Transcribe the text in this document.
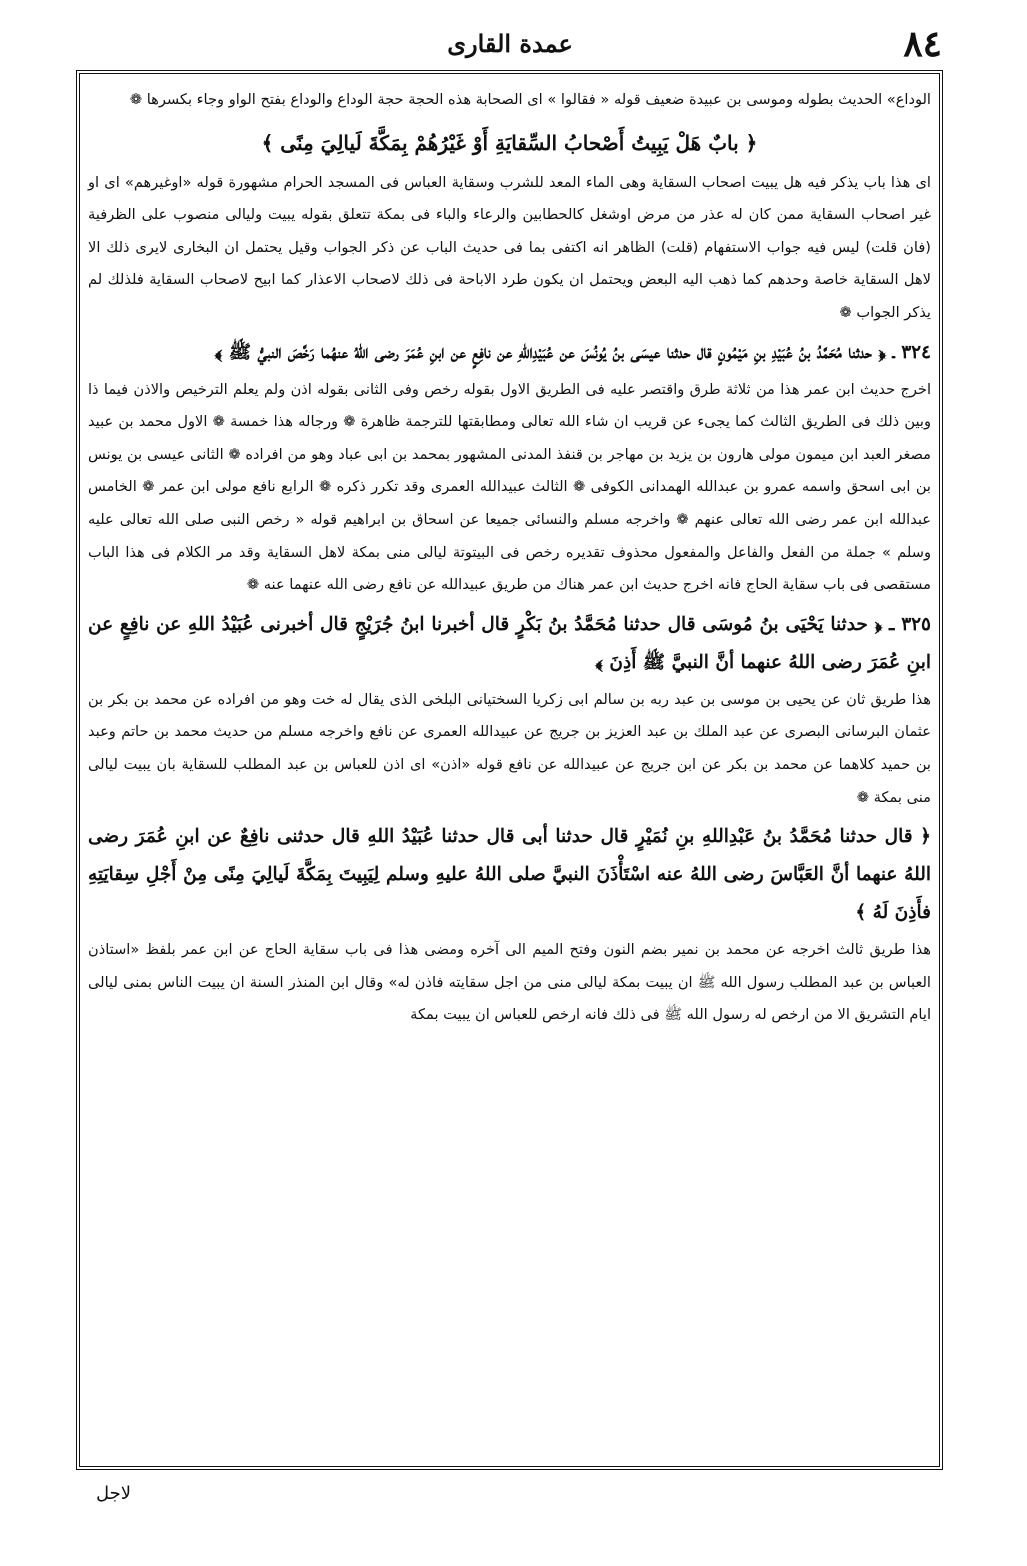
٨٤
عمدة القاری

الوداع» الحديث بطوله وموسى بن عبيدة ضعيف قوله « فقالوا » اى الصحابة هذه الحجة حجة الوداع والوداع بفتح الواو وجاء بكسرها ❁

﴿ بابٌ هَلْ يَبِيتُ أَصْحابُ السِّقايَةِ أَوْ غَيْرُهُمْ بِمَكَّةَ لَيالِيَ مِنًى ﴾

اى هذا باب يذكر فيه هل يبيت اصحاب السقاية وهى الماء المعد للشرب وسقاية العباس فى المسجد الحرام مشهورة قوله «اوغيرهم» اى او غير اصحاب السقاية ممن كان له عذر من مرض اوشغل كالحطابين والرعاء والباء فى بمكة تتعلق بقوله يبيت وليالى منصوب على الظرفية (فان قلت) ليس فيه جواب الاستفهام (قلت) الظاهر انه اكتفى بما فى حديث الباب عن ذكر الجواب وقيل يحتمل ان البخارى لايرى ذلك الا لاهل السقاية خاصة وحدهم كما ذهب اليه البعض ويحتمل ان يكون طرد الاباحة فى ذلك لاصحاب الاعذار كما ابيح لاصحاب السقاية فلذلك لم يذكر الجواب ❁

٣٢٤ ـ ﴿ حدثنا مُحَمَّدُ بنُ عُبَيْدِ بنِ مَيْمُونٍ قال حدثنا عيسَى بنُ يُونُسَ عن عُبَيْدِاللهِ عن نافِعٍ عن ابنِ عُمَرَ رضى اللهُ عنهُما رَخَّصَ النبيُّ ﷺ ﴾

اخرج حديث ابن عمر هذا من ثلاثة طرق واقتصر عليه فى الطريق الاول بقوله رخص وفى الثانى بقوله اذن ولم يعلم الترخيص والاذن فيما ذا وبين ذلك فى الطريق الثالث كما يجىء عن قريب ان شاء الله تعالى ومطابقتها للترجمة ظاهرة ❁ ورجاله هذا خمسة ❁ الاول محمد بن عبيد مصغر العبد ابن ميمون مولى هارون بن يزيد بن مهاجر بن قنفذ المدنى المشهور بمحمد بن ابى عباد وهو من افراده ❁ الثانى عيسى بن يونس بن ابى اسحق واسمه عمرو بن عبدالله الهمدانى الكوفى ❁ الثالث عبيدالله العمرى وقد تكرر ذكره ❁ الرابع نافع مولى ابن عمر ❁ الخامس عبدالله ابن عمر رضى الله تعالى عنهم ❁ واخرجه مسلم والنسائى جميعا عن اسحاق بن ابراهيم قوله « رخص النبى صلى الله تعالى عليه وسلم » جملة من الفعل والفاعل والمفعول محذوف تقديره رخص فى البيتوتة ليالى منى بمكة لاهل السقاية وقد مر الكلام فى هذا الباب مستقصى فى باب سقاية الحاج فانه اخرج حديث ابن عمر هناك من طريق عبيدالله عن نافع رضى الله عنهما عنه ❁

٣٢٥ ـ ﴿ حدثنا يَحْيَى بنُ مُوسَى قال حدثنا مُحَمَّدُ بنُ بَكْرٍ قال أخبرنا ابنُ جُرَيْجٍ قال أخبرنى عُبَيْدُ اللهِ عن نافِعٍ عن ابنِ عُمَرَ رضى اللهُ عنهما أنَّ النبيَّ ﷺ أَذِنَ ﴾

هذا طريق ثان عن يحيى بن موسى بن عبد ربه بن سالم ابى زكريا السختيانى البلخى الذى يقال له خت وهو من افراده عن محمد بن بكر بن عثمان البرسانى البصرى عن عبد الملك بن عبد العزيز بن جريج عن عبيدالله العمرى عن نافع واخرجه مسلم من حديث محمد بن حاتم وعبد بن حميد كلاهما عن محمد بن بكر عن ابن جريج عن عبيدالله عن نافع قوله «اذن» اى اذن للعباس بن عبد المطلب للسقاية بان يبيت ليالى منى بمكة ❁

﴿ قال حدثنا مُحَمَّدُ بنُ عَبْدِاللهِ بنِ نُمَيْرٍ قال حدثنا أبى قال حدثنا عُبَيْدُ اللهِ قال حدثنى نافِعٌ عن ابنِ عُمَرَ رضى اللهُ عنهما أنَّ العَبَّاسَ رضى اللهُ عنه اسْتَأْذَنَ النبيَّ صلى اللهُ عليهِ وسلم لِيَبِيتَ بِمَكَّةَ لَيالِيَ مِنًى مِنْ أَجْلِ سِقايَتِهِ فأَذِنَ لَهُ ﴾

هذا طريق ثالث اخرجه عن محمد بن نمير بضم النون وفتح الميم الى آخره ومضى هذا فى باب سقاية الحاج عن ابن عمر بلفظ «استاذن العباس بن عبد المطلب رسول الله ﷺ ان يبيت بمكة ليالى منى من اجل سقايته فاذن له» وقال ابن المنذر السنة ان يبيت الناس بمنى ليالى ايام التشريق الا من ارخص له رسول الله ﷺ فى ذلك فانه ارخص للعباس ان يبيت بمكة

لاجل
